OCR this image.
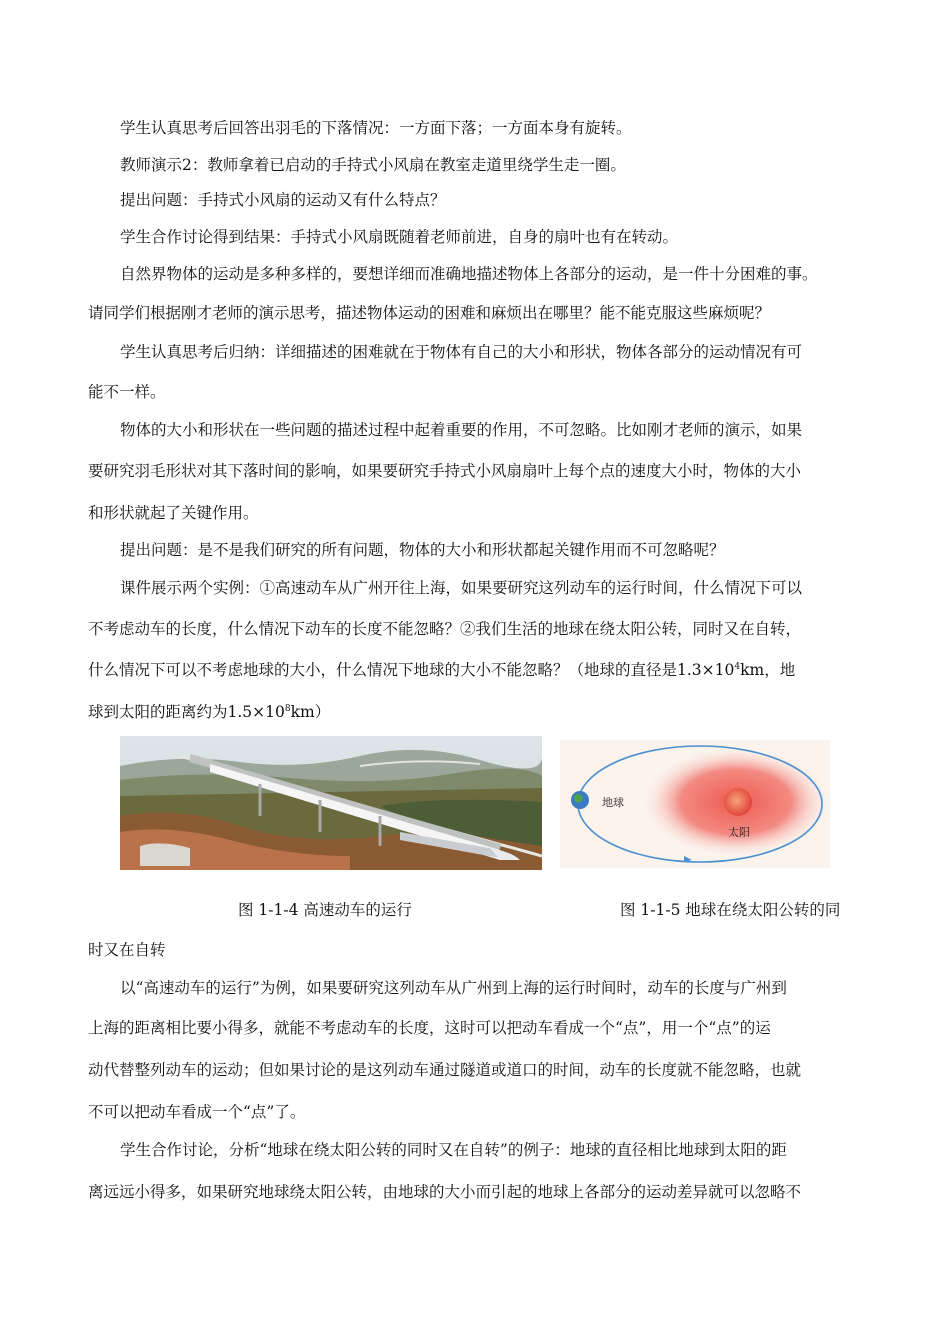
学生认真思考后回答出羽毛的下落情况：一方面下落；一方面本身有旋转。
教师演示2：教师拿着已启动的手持式小风扇在教室走道里绕学生走一圈。
提出问题：手持式小风扇的运动又有什么特点？
学生合作讨论得到结果：手持式小风扇既随着老师前进，自身的扇叶也有在转动。
自然界物体的运动是多种多样的，要想详细而准确地描述物体上各部分的运动，是一件十分困难的事。
请同学们根据刚才老师的演示思考，描述物体运动的困难和麻烦出在哪里？能不能克服这些麻烦呢？
学生认真思考后归纳：详细描述的困难就在于物体有自己的大小和形状，物体各部分的运动情况有可
能不一样。
物体的大小和形状在一些问题的描述过程中起着重要的作用，不可忽略。比如刚才老师的演示，如果
要研究羽毛形状对其下落时间的影响，如果要研究手持式小风扇扇叶上每个点的速度大小时，物体的大小
和形状就起了关键作用。
提出问题：是不是我们研究的所有问题，物体的大小和形状都起关键作用而不可忽略呢？
课件展示两个实例：①高速动车从广州开往上海，如果要研究这列动车的运行时间，什么情况下可以
不考虑动车的长度，什么情况下动车的长度不能忽略？②我们生活的地球在绕太阳公转，同时又在自转，
什么情况下可以不考虑地球的大小，什么情况下地球的大小不能忽略？（地球的直径是$1.3\times 10^4km$，地
球到太阳的距离约为$1.5\times 10^8km$）
地球
太阳
图 1-1-4 高速动车的运行	图 1-1-5 地球在绕太阳公转的同
时又在自转
以“高速动车的运行”为例，如果要研究这列动车从广州到上海的运行时间时，动车的长度与广州到
上海的距离相比要小得多，就能不考虑动车的长度，这时可以把动车看成一个“点”，用一个“点”的运
动代替整列动车的运动；但如果讨论的是这列动车通过隧道或道口的时间，动车的长度就不能忽略，也就
不可以把动车看成一个“点”了。
学生合作讨论，分析“地球在绕太阳公转的同时又在自转”的例子：地球的直径相比地球到太阳的距
离远远小得多，如果研究地球绕太阳公转，由地球的大小而引起的地球上各部分的运动差异就可以忽略不
